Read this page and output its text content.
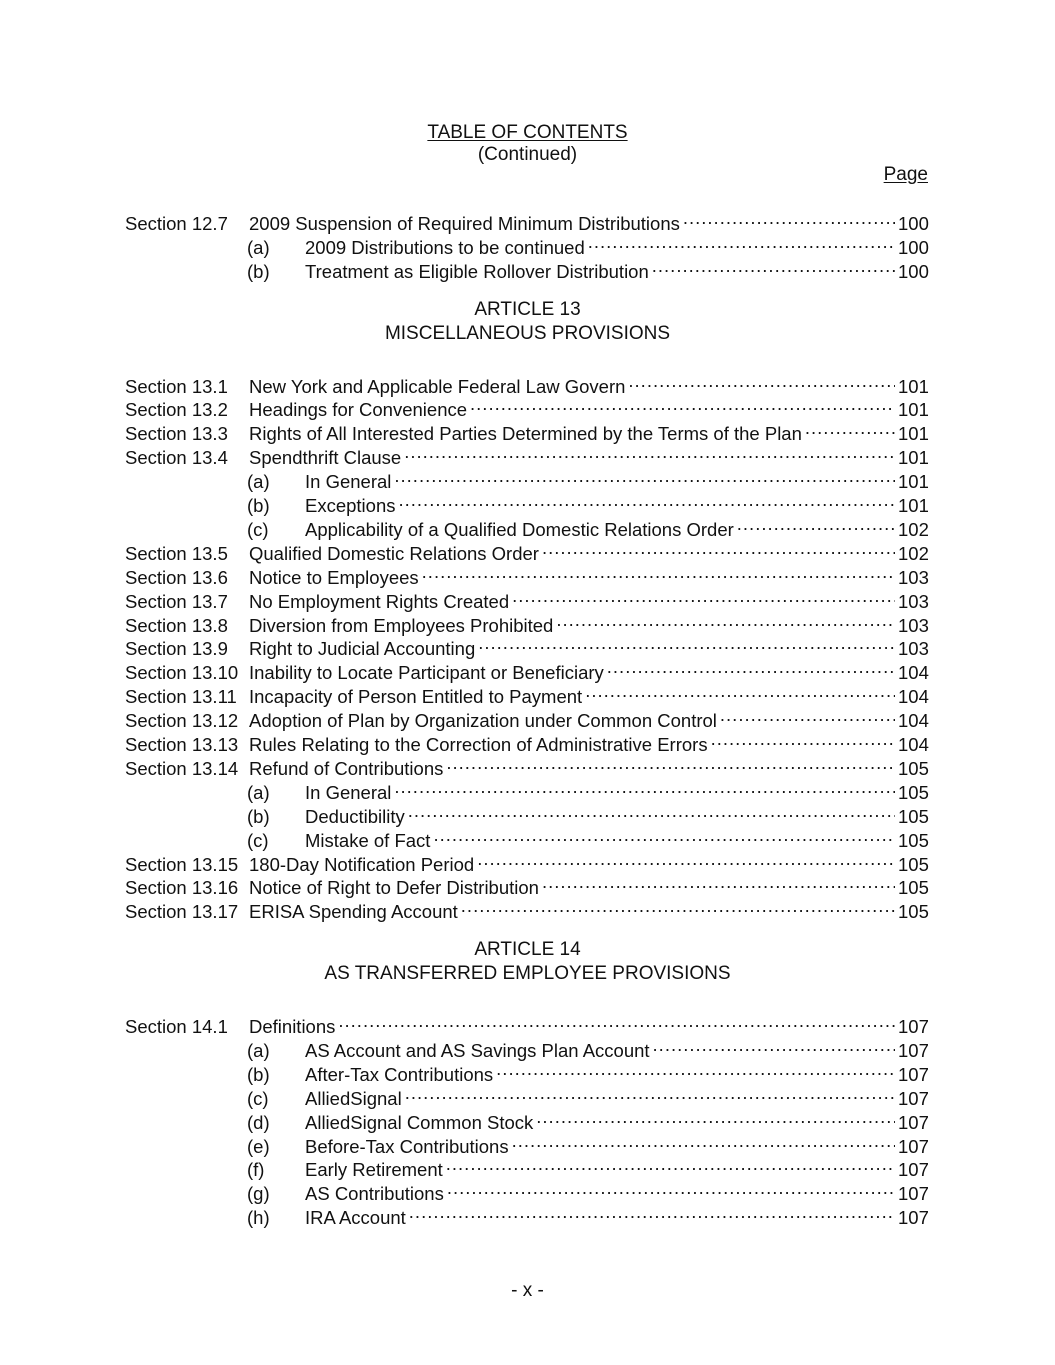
TABLE OF CONTENTS
(Continued)
Page
Section 12.7	2009 Suspension of Required Minimum Distributions .....	100
(a)	2009 Distributions to be continued .....	100
(b)	Treatment as Eligible Rollover Distribution .....	100
ARTICLE 13
MISCELLANEOUS PROVISIONS
Section 13.1	New York and Applicable Federal Law Govern .....	101
Section 13.2	Headings for Convenience .....	101
Section 13.3	Rights of All Interested Parties Determined by the Terms of the Plan .....	101
Section 13.4	Spendthrift Clause .....	101
(a)	In General .....	101
(b)	Exceptions .....	101
(c)	Applicability of a Qualified Domestic Relations Order .....	102
Section 13.5	Qualified Domestic Relations Order .....	102
Section 13.6	Notice to Employees .....	103
Section 13.7	No Employment Rights Created .....	103
Section 13.8	Diversion from Employees Prohibited .....	103
Section 13.9	Right to Judicial Accounting .....	103
Section 13.10 Inability to Locate Participant or Beneficiary .....	104
Section 13.11 Incapacity of Person Entitled to Payment .....	104
Section 13.12 Adoption of Plan by Organization under Common Control .....	104
Section 13.13 Rules Relating to the Correction of Administrative Errors .....	104
Section 13.14 Refund of Contributions .....	105
(a)	In General .....	105
(b)	Deductibility .....	105
(c)	Mistake of Fact .....	105
Section 13.15 180-Day Notification Period .....	105
Section 13.16 Notice of Right to Defer Distribution .....	105
Section 13.17 ERISA Spending Account .....	105
ARTICLE 14
AS TRANSFERRED EMPLOYEE PROVISIONS
Section 14.1	Definitions .....	107
(a)	AS Account and AS Savings Plan Account .....	107
(b)	After-Tax Contributions .....	107
(c)	AlliedSignal .....	107
(d)	AlliedSignal Common Stock .....	107
(e)	Before-Tax Contributions .....	107
(f)	Early Retirement .....	107
(g)	AS Contributions .....	107
(h)	IRA Account .....	107
- x -
